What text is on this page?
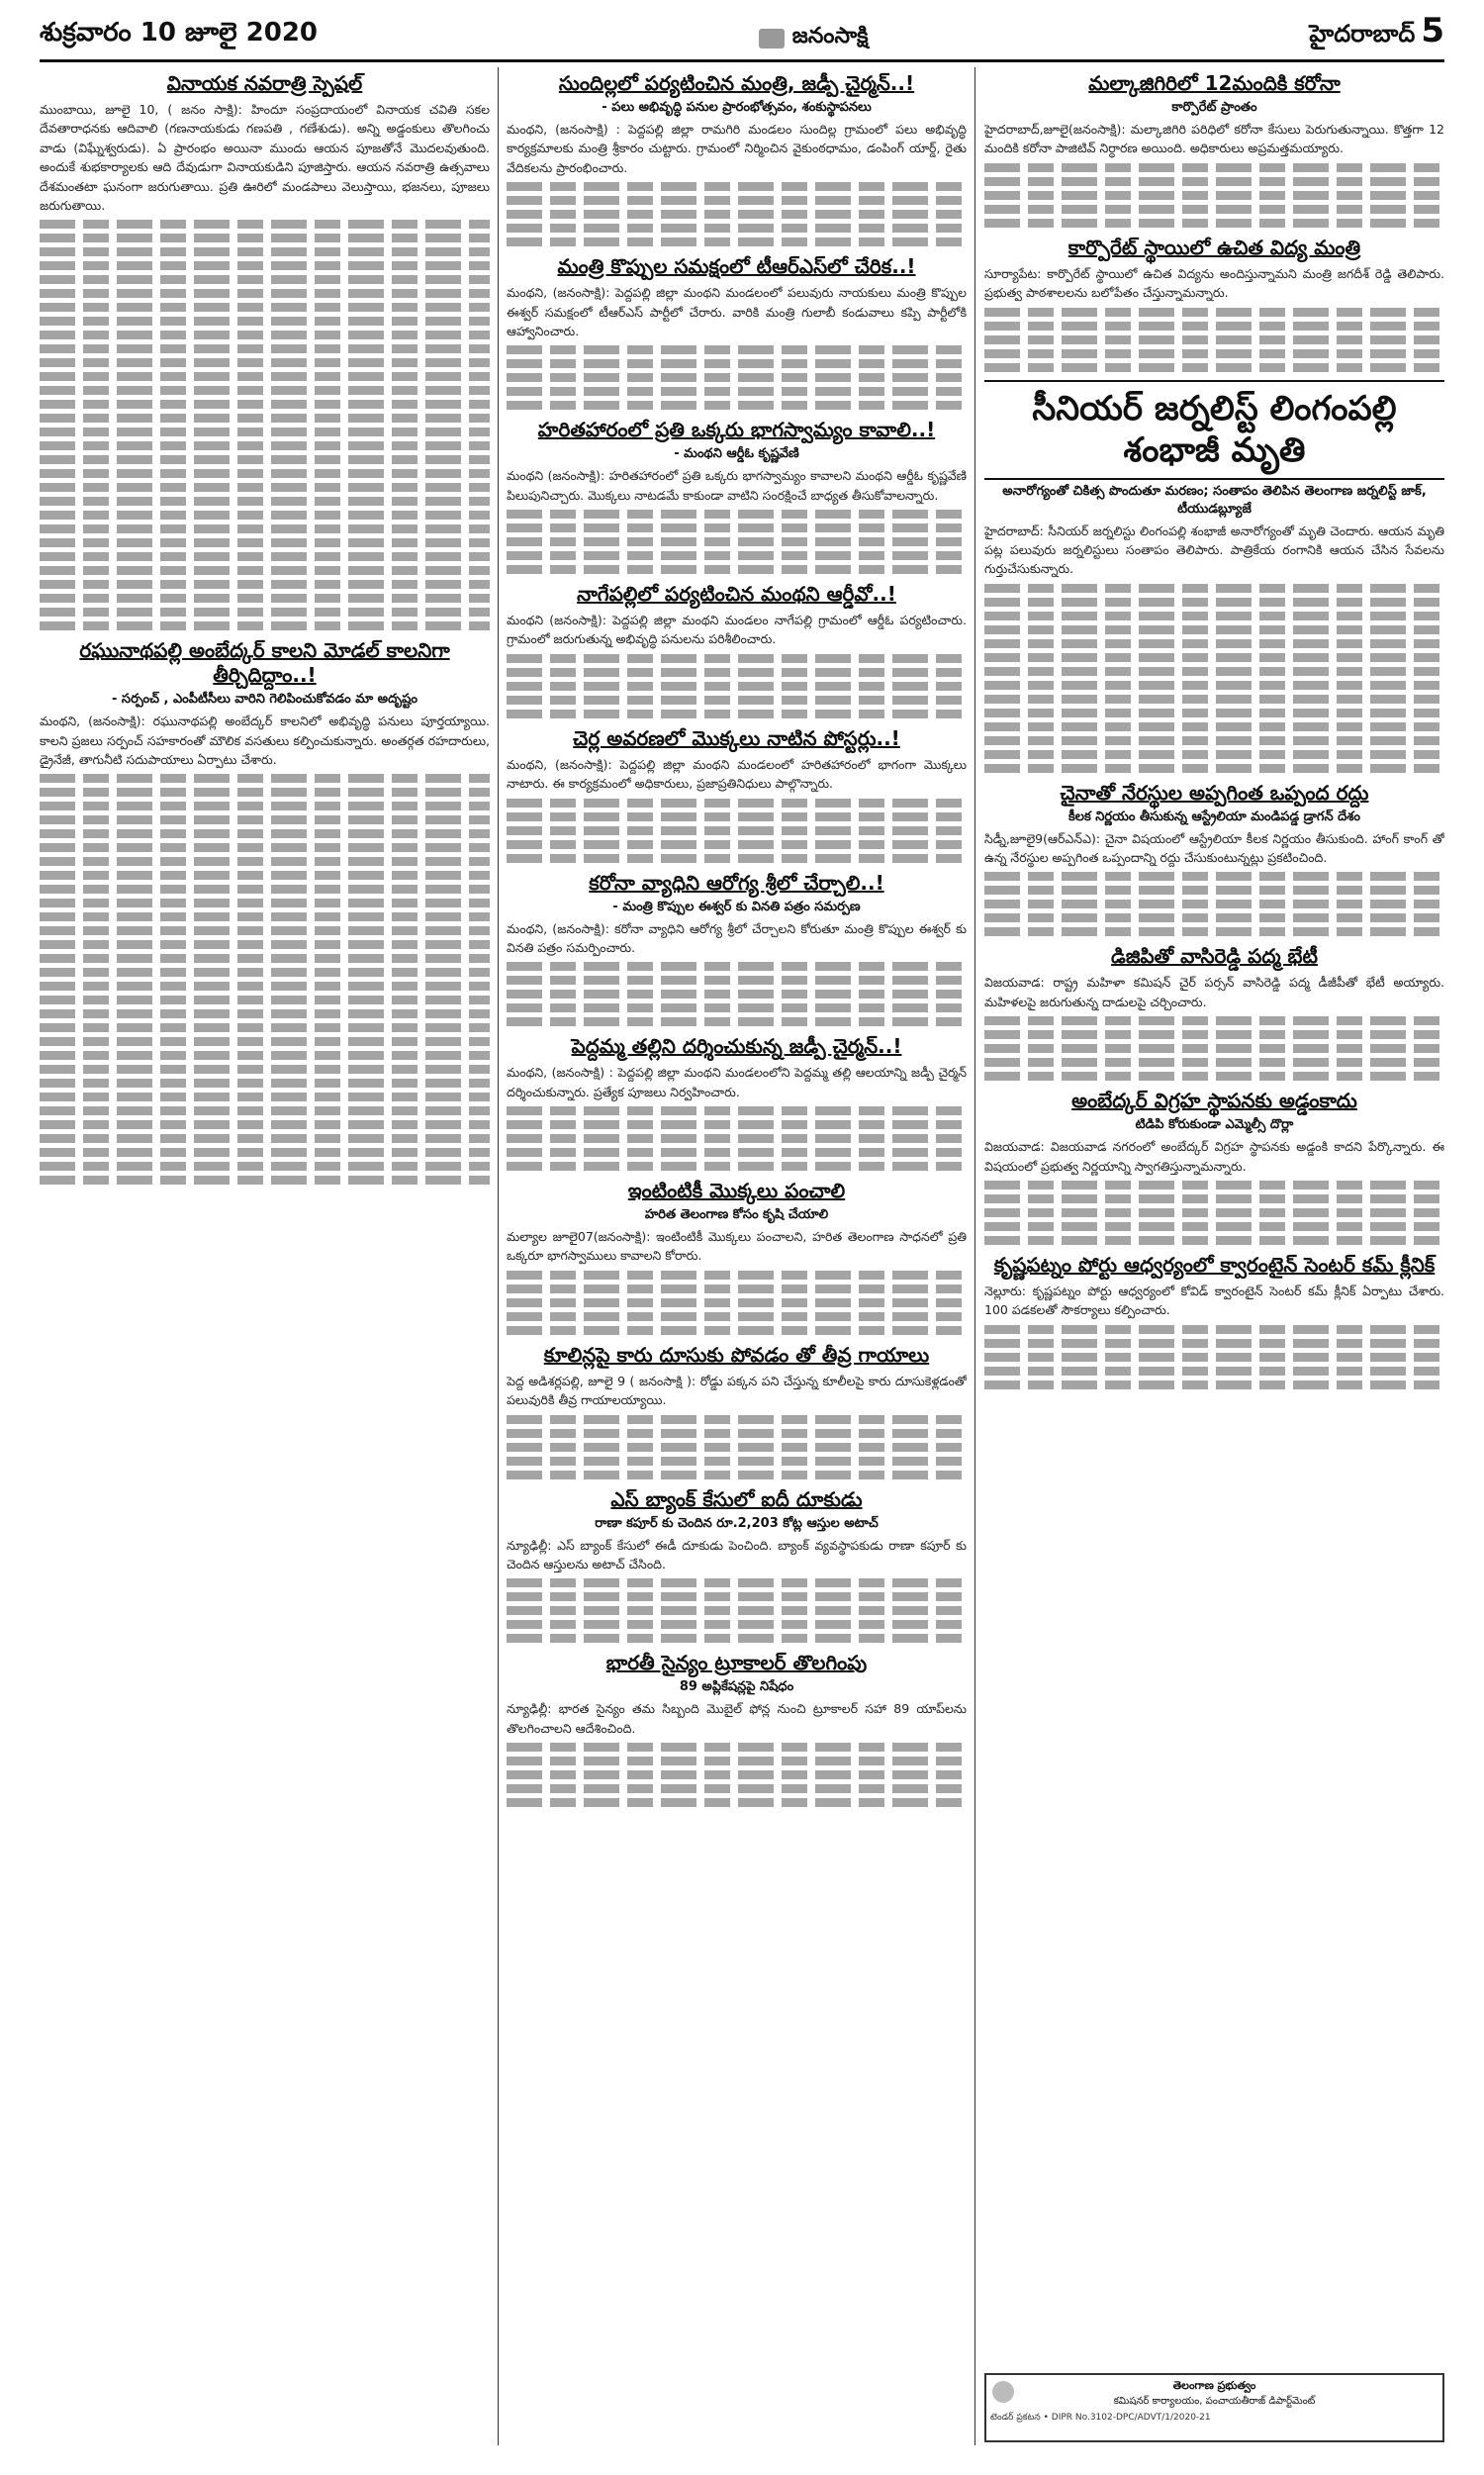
శుక్రవారం 10 జూలై 2020	జనంసాక్షి	హైదరాబాద్ 5
వినాయక నవరాత్రి స్పెషల్
ముంబాయి, జూలై 10, ( జనం సాక్షి): హిందూ సంప్రదాయంలో వినాయక చవితి సకల దేవతారాధనకు ఆదివాలి (గణనాయకుడు గణపతి , గణేశుడు). అన్ని అడ్డంకులు తొలగించు వాడు (విఘ్నేశ్వరుడు). ఏ ప్రారంభం అయినా ముందు ఆయన పూజతోనే మొదలవుతుంది. అందుకే శుభకార్యాలకు ఆది దేవుడుగా వినాయకుడిని పూజిస్తారు. ఆయన నవరాత్రి ఉత్సవాలు దేశమంతటా ఘనంగా జరుగుతాయి. ప్రతి ఊరిలో మండపాలు వెలుస్తాయి, భజనలు, పూజలు జరుగుతాయి.
రఘునాథపల్లి అంబేద్కర్ కాలని మోడల్ కాలనిగా తీర్చిదిద్దాం..!
- సర్పంచ్ , ఎంపీటీసీలు వారిని గెలిపించుకోవడం మా అదృష్టం
మంథని, (జనంసాక్షి): రఘునాథపల్లి అంబేద్కర్ కాలనిలో అభివృద్ధి పనులు పూర్తయ్యాయి. కాలని ప్రజలు సర్పంచ్ సహకారంతో మౌలిక వసతులు కల్పించుకున్నారు. అంతర్గత రహదారులు, డ్రైనేజీ, తాగునీటి సదుపాయాలు ఏర్పాటు చేశారు.
సుందిల్లలో పర్యటించిన మంత్రి, జడ్పీ చైర్మన్..!
- పలు అభివృద్ధి పనుల ప్రారంభోత్సవం, శంకుస్థాపనలు
మంథని, (జనంసాక్షి) : పెద్దపల్లి జిల్లా రామగిరి మండలం సుందిల్ల గ్రామంలో పలు అభివృద్ధి కార్యక్రమాలకు మంత్రి శ్రీకారం చుట్టారు. గ్రామంలో నిర్మించిన వైకుంఠధామం, డంపింగ్ యార్డ్, రైతు వేదికలను ప్రారంభించారు.
మంత్రి కొప్పుల సమక్షంలో టీఆర్ఎస్‌లో చేరిక..!
మంథని, (జనంసాక్షి): పెద్దపల్లి జిల్లా మంథని మండలంలో పలువురు నాయకులు మంత్రి కొప్పుల ఈశ్వర్ సమక్షంలో టీఆర్ఎస్ పార్టీలో చేరారు. వారికి మంత్రి గులాబీ కండువాలు కప్పి పార్టీలోకి ఆహ్వానించారు.
హరితహారంలో ప్రతి ఒక్కరు భాగస్వామ్యం కావాలి..!
- మంథని ఆర్డీఓ కృష్ణవేణి
మంథని (జనంసాక్షి): హరితహారంలో ప్రతి ఒక్కరు భాగస్వామ్యం కావాలని మంథని ఆర్డీఓ కృష్ణవేణి పిలుపునిచ్చారు. మొక్కలు నాటడమే కాకుండా వాటిని సంరక్షించే బాధ్యత తీసుకోవాలన్నారు.
నాగేపల్లిలో పర్యటించిన మంథని ఆర్డీవో..!
మంథని (జనంసాక్షి): పెద్దపల్లి జిల్లా మంథని మండలం నాగేపల్లి గ్రామంలో ఆర్డీఓ పర్యటించారు. గ్రామంలో జరుగుతున్న అభివృద్ధి పనులను పరిశీలించారు.
చెర్ల అవరణలో మొక్కలు నాటిన పోస్టర్లు..!
మంథని, (జనంసాక్షి): పెద్దపల్లి జిల్లా మంథని మండలంలో హరితహారంలో భాగంగా మొక్కలు నాటారు. ఈ కార్యక్రమంలో అధికారులు, ప్రజాప్రతినిధులు పాల్గొన్నారు.
కరోనా వ్యాధిని ఆరోగ్య శ్రీలో చేర్చాలి..!
- మంత్రి కొప్పుల ఈశ్వర్ కు వినతి పత్రం సమర్పణ
మంథని, (జనంసాక్షి): కరోనా వ్యాధిని ఆరోగ్య శ్రీలో చేర్చాలని కోరుతూ మంత్రి కొప్పుల ఈశ్వర్ కు వినతి పత్రం సమర్పించారు.
పెద్దమ్మ తల్లిని దర్శించుకున్న జడ్పీ చైర్మన్..!
మంథని, (జనంసాక్షి) : పెద్దపల్లి జిల్లా మంథని మండలంలోని పెద్దమ్మ తల్లి ఆలయాన్ని జడ్పీ చైర్మన్ దర్శించుకున్నారు. ప్రత్యేక పూజలు నిర్వహించారు.
ఇంటింటికీ మొక్కలు పంచాలి
హరిత తెలంగాణ కోసం కృషి చేయాలి
మల్యాల జూలై07(జనంసాక్షి): ఇంటింటికీ మొక్కలు పంచాలని, హరిత తెలంగాణ సాధనలో ప్రతి ఒక్కరూ భాగస్వాములు కావాలని కోరారు.
కూలిన్లపై కారు దూసుకు పోవడం తో తీవ్ర గాయాలు
పెద్ద అడిశర్లపల్లి, జూలై 9 ( జనంసాక్షి ): రోడ్డు పక్కన పని చేస్తున్న కూలీలపై కారు దూసుకెళ్లడంతో పలువురికి తీవ్ర గాయాలయ్యాయి.
ఎస్ బ్యాంక్ కేసులో ఐదీ దూకుడు
రాణా కపూర్ కు చెందిన రూ.2,203 కోట్ల ఆస్తుల అటాచ్
న్యూఢిల్లీ: ఎస్ బ్యాంక్ కేసులో ఈడీ దూకుడు పెంచింది. బ్యాంక్ వ్యవస్థాపకుడు రాణా కపూర్ కు చెందిన ఆస్తులను అటాచ్ చేసింది.
భారతీ సైన్యం ట్రూకాలర్ తొలగింపు
89 అప్లికేషన్లపై నిషేధం
న్యూఢిల్లీ: భారత సైన్యం తమ సిబ్బంది మొబైల్ ఫోన్ల నుంచి ట్రూకాలర్ సహా 89 యాప్‌లను తొలగించాలని ఆదేశించింది.
మల్కాజిగిరిలో 12మందికి కరోనా
కార్పొరేట్ ప్రాంతం
హైదరాబాద్,జూలై(జనంసాక్షి): మల్కాజిగిరి పరిధిలో కరోనా కేసులు పెరుగుతున్నాయి. కొత్తగా 12 మందికి కరోనా పాజిటివ్ నిర్ధారణ అయింది. అధికారులు అప్రమత్తమయ్యారు.
కార్పొరేట్ స్థాయిలో ఉచిత విద్య మంత్రి
సూర్యాపేట: కార్పొరేట్ స్థాయిలో ఉచిత విద్యను అందిస్తున్నామని మంత్రి జగదీశ్ రెడ్డి తెలిపారు. ప్రభుత్వ పాఠశాలలను బలోపేతం చేస్తున్నామన్నారు.
సీనియర్ జర్నలిస్ట్ లింగంపల్లి శంభాజీ మృతి
అనారోగ్యంతో చికిత్స పొందుతూ మరణం; సంతాపం తెలిపిన తెలంగాణ జర్నలిస్ట్ జాక్, టీయుడబ్ల్యూజే
హైదరాబాద్: సీనియర్ జర్నలిస్టు లింగంపల్లి శంభాజీ అనారోగ్యంతో మృతి చెందారు. ఆయన మృతి పట్ల పలువురు జర్నలిస్టులు సంతాపం తెలిపారు. పాత్రికేయ రంగానికి ఆయన చేసిన సేవలను గుర్తుచేసుకున్నారు.
చైనాతో నేరస్థుల అప్పగింత ఒప్పంద రద్దు
కీలక నిర్ణయం తీసుకున్న ఆస్ట్రేలియా మండిపడ్డ డ్రాగన్ దేశం
సిడ్నీ,జూలై9(ఆర్ఎన్ఎ): చైనా విషయంలో ఆస్ట్రేలియా కీలక నిర్ణయం తీసుకుంది. హాంగ్ కాంగ్ తో ఉన్న నేరస్థుల అప్పగింత ఒప్పందాన్ని రద్దు చేసుకుంటున్నట్లు ప్రకటించింది.
డిజిపితో వాసిరెడ్డి పద్మ భేటీ
విజయవాడ: రాష్ట్ర మహిళా కమిషన్ చైర్ పర్సన్ వాసిరెడ్డి పద్మ డీజీపీతో భేటీ అయ్యారు. మహిళలపై జరుగుతున్న దాడులపై చర్చించారు.
అంబేద్కర్ విగ్రహ స్థాపనకు అడ్డంకాదు
టిడిపి కోరుకుండా ఎమ్మెల్సీ దొర్లా
విజయవాడ: విజయవాడ నగరంలో అంబేద్కర్ విగ్రహ స్థాపనకు అడ్డంకి కాదని పేర్కొన్నారు. ఈ విషయంలో ప్రభుత్వ నిర్ణయాన్ని స్వాగతిస్తున్నామన్నారు.
కృష్ణపట్నం పోర్టు ఆధ్వర్యంలో క్వారంటైన్ సెంటర్ కమ్ క్లీనిక్
నెల్లూరు: కృష్ణపట్నం పోర్టు ఆధ్వర్యంలో కోవిడ్ క్వారంటైన్ సెంటర్ కమ్ క్లీనిక్ ఏర్పాటు చేశారు. 100 పడకలతో సౌకర్యాలు కల్పించారు.
తెలంగాణ ప్రభుత్వం
కమిషనర్ కార్యాలయం, పంచాయతీరాజ్ డిపార్ట్‌మెంట్
టెండర్ ప్రకటన • DIPR No.3102-DPC/ADVT/1/2020-21
